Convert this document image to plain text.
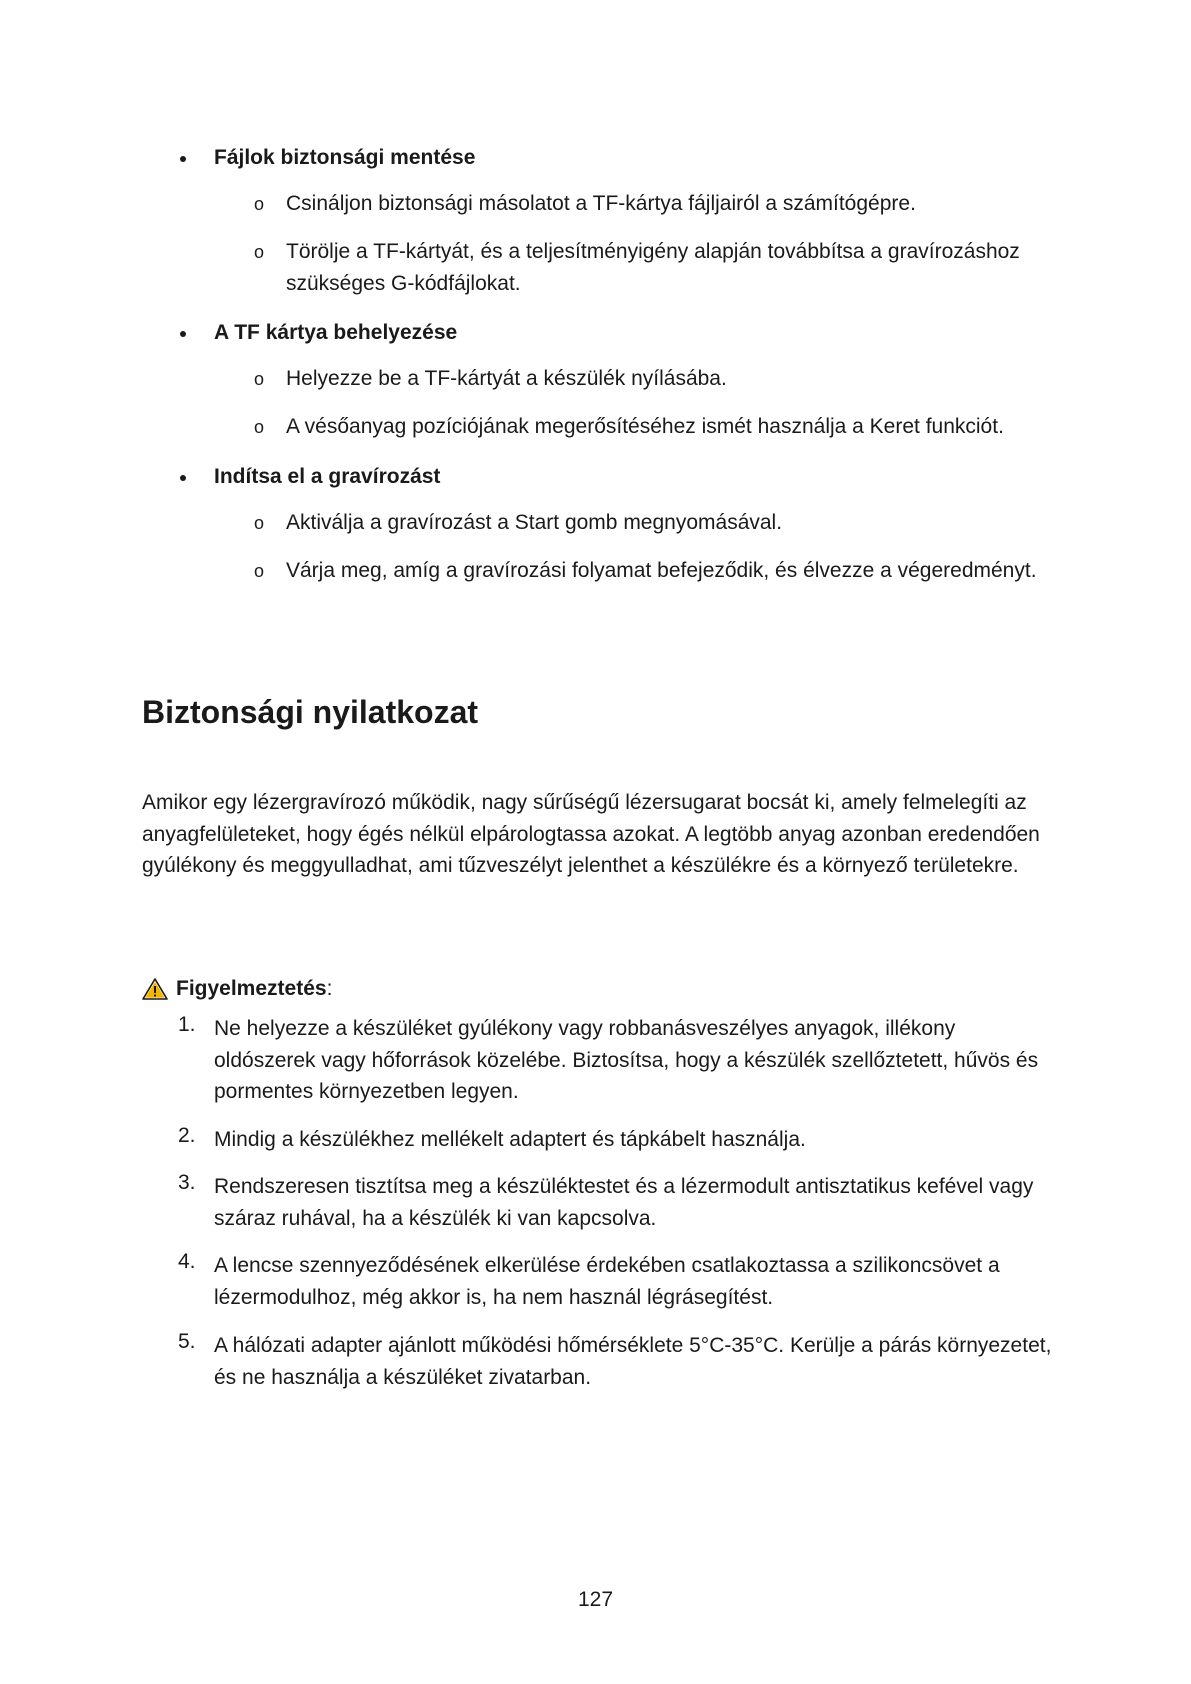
Fájlok biztonsági mentése
o Csináljon biztonsági másolatot a TF-kártya fájljairól a számítógépre.
o Törölje a TF-kártyát, és a teljesítményigény alapján továbbítsa a gravírozáshoz szükséges G-kódfájlokat.
A TF kártya behelyezése
o Helyezze be a TF-kártyát a készülék nyílásába.
o A vésőanyag pozíciójának megerősítéséhez ismét használja a Keret funkciót.
Indítsa el a gravírozást
o Aktiválja a gravírozást a Start gomb megnyomásával.
o Várja meg, amíg a gravírozási folyamat befejeződik, és élvezze a végeredményt.
Biztonsági nyilatkozat
Amikor egy lézergravírozó működik, nagy sűrűségű lézersugarat bocsát ki, amely felmelegíti az anyagfelületeket, hogy égés nélkül elpárologtassa azokat. A legtöbb anyag azonban eredendően gyúlékony és meggyulladhat, ami tűzveszélyt jelenthet a készülékre és a környező területekre.
Figyelmeztetés :
1. Ne helyezze a készüléket gyúlékony vagy robbanásveszélyes anyagok, illékony oldószerek vagy hőforrások közelébe. Biztosítsa, hogy a készülék szellőztetett, hűvös és pormentes környezetben legyen.
2. Mindig a készülékhez mellékelt adaptert és tápkábelt használja.
3. Rendszeresen tisztítsa meg a készüléktestet és a lézermodult antisztatikus kefével vagy száraz ruhával, ha a készülék ki van kapcsolva.
4. A lencse szennyeződésének elkerülése érdekében csatlakoztassa a szilikoncsövet a lézermodulhoz, még akkor is, ha nem használ légrásegítést.
5. A hálózati adapter ajánlott működési hőmérséklete 5°C-35°C. Kerülje a párás környezetet, és ne használja a készüléket zivatarban.
127
